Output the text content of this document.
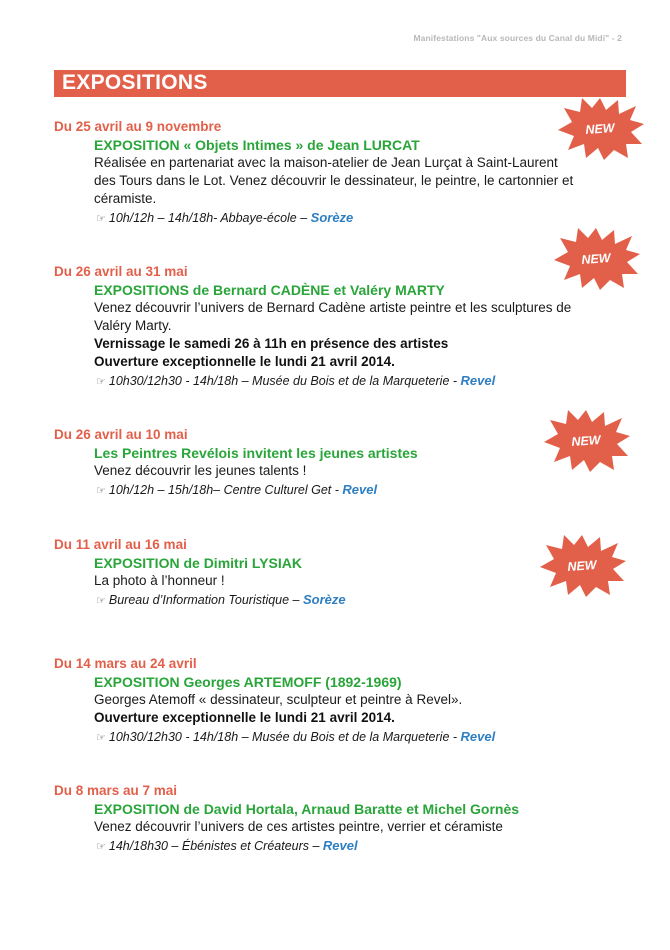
Manifestations "Aux sources du Canal du Midi" - 2
EXPOSITIONS
Du 25 avril au 9 novembre
EXPOSITION « Objets Intimes » de Jean LURCAT
Réalisée en partenariat avec la maison-atelier de Jean Lurçat à Saint-Laurent
des Tours dans le Lot. Venez découvrir le dessinateur, le peintre, le cartonnier et
céramiste.
☞ 10h/12h – 14h/18h- Abbaye-école – Sorèze
Du 26 avril au 31 mai
EXPOSITIONS de Bernard CADÈNE et Valéry MARTY
Venez découvrir l’univers de Bernard Cadène artiste peintre et les sculptures de
Valéry Marty.
Vernissage le samedi 26 à 11h en présence des artistes
Ouverture exceptionnelle le lundi 21 avril 2014.
☞ 10h30/12h30 - 14h/18h – Musée du Bois et de la Marqueterie - Revel
Du 26 avril au 10 mai
Les Peintres Revélois invitent les jeunes artistes
Venez découvrir les jeunes talents !
☞ 10h/12h – 15h/18h– Centre Culturel Get - Revel
Du 11 avril au 16 mai
EXPOSITION de Dimitri LYSIAK
La photo à l’honneur !
☞ Bureau d’Information Touristique – Sorèze
Du 14 mars au 24 avril
EXPOSITION Georges ARTEMOFF (1892-1969)
Georges Atemoff « dessinateur, sculpteur et peintre à Revel».
Ouverture exceptionnelle le lundi 21 avril 2014.
☞ 10h30/12h30 - 14h/18h – Musée du Bois et de la Marqueterie - Revel
Du 8 mars au 7 mai
EXPOSITION de David Hortala, Arnaud Baratte et Michel Gornès
Venez découvrir l’univers de ces artistes peintre, verrier et céramiste
☞ 14h/18h30 – Ébénistes et Créateurs – Revel
NEW
NEW
NEW
NEW
